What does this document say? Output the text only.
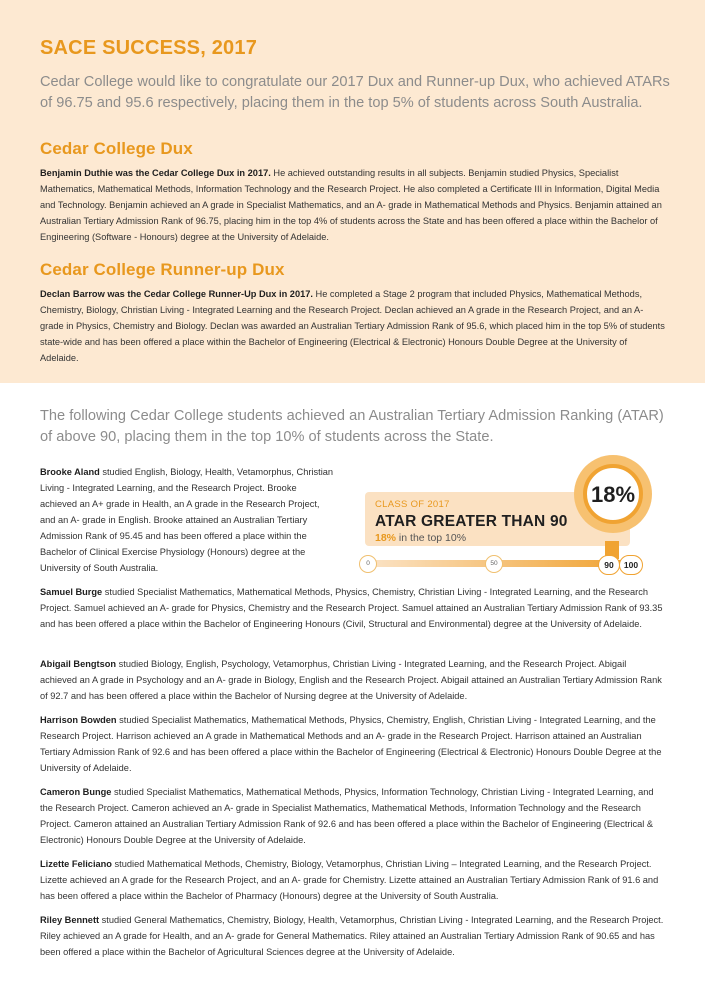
SACE SUCCESS, 2017
Cedar College would like to congratulate our 2017 Dux and Runner-up Dux, who achieved ATARs of 96.75 and 95.6 respectively, placing them in the top 5% of students across South Australia.
Cedar College Dux
Benjamin Duthie was the Cedar College Dux in 2017. He achieved outstanding results in all subjects. Benjamin studied Physics, Specialist Mathematics, Mathematical Methods, Information Technology and the Research Project. He also completed a Certificate III in Information, Digital Media and Technology. Benjamin achieved an A grade in Specialist Mathematics, and an A- grade in Mathematical Methods and Physics. Benjamin attained an Australian Tertiary Admission Rank of 96.75, placing him in the top 4% of students across the State and has been offered a place within the Bachelor of Engineering (Software - Honours) degree at the University of Adelaide.
Cedar College Runner-up Dux
Declan Barrow was the Cedar College Runner-Up Dux in 2017. He completed a Stage 2 program that included Physics, Mathematical Methods, Chemistry, Biology, Christian Living - Integrated Learning and the Research Project. Declan achieved an A grade in the Research Project, and an A- grade in Physics, Chemistry and Biology. Declan was awarded an Australian Tertiary Admission Rank of 95.6, which placed him in the top 5% of students state-wide and has been offered a place within the Bachelor of Engineering (Electrical & Electronic) Honours Double Degree at the University of Adelaide.
The following Cedar College students achieved an Australian Tertiary Admission Ranking (ATAR) of above 90, placing them in the top 10% of students across the State.
CLASS OF 2017
ATAR GREATER THAN 90
18% in the top 10%
0	50
18%
90	100
Brooke Aland studied English, Biology, Health, Vetamorphus, Christian Living - Integrated Learning, and the Research Project. Brooke achieved an A+ grade in Health, an A grade in the Research Project, and an A- grade in English. Brooke attained an Australian Tertiary Admission Rank of 95.45 and has been offered a place within the Bachelor of Clinical Exercise Physiology (Honours) degree at the University of South Australia.
Samuel Burge studied Specialist Mathematics, Mathematical Methods, Physics, Chemistry, Christian Living - Integrated Learning, and the Research Project. Samuel achieved an A- grade for Physics, Chemistry and the Research Project. Samuel attained an Australian Tertiary Admission Rank of 93.35 and has been offered a place within the Bachelor of Engineering Honours (Civil, Structural and Environmental) degree at the University of Adelaide.
Abigail Bengtson studied Biology, English, Psychology, Vetamorphus, Christian Living - Integrated Learning, and the Research Project. Abigail achieved an A grade in Psychology and an A- grade in Biology, English and the Research Project. Abigail attained an Australian Tertiary Admission Rank of 92.7 and has been offered a place within the Bachelor of Nursing degree at the University of Adelaide.
Harrison Bowden studied Specialist Mathematics, Mathematical Methods, Physics, Chemistry, English, Christian Living - Integrated Learning, and the Research Project. Harrison achieved an A grade in Mathematical Methods and an A- grade in the Research Project. Harrison attained an Australian Tertiary Admission Rank of 92.6 and has been offered a place within the Bachelor of Engineering (Electrical & Electronic) Honours Double Degree at the University of Adelaide.
Cameron Bunge studied Specialist Mathematics, Mathematical Methods, Physics, Information Technology, Christian Living - Integrated Learning, and the Research Project. Cameron achieved an A- grade in Specialist Mathematics, Mathematical Methods, Information Technology and the Research Project. Cameron attained an Australian Tertiary Admission Rank of 92.6 and has been offered a place within the Bachelor of Engineering (Electrical & Electronic) Honours Double Degree at the University of Adelaide.
Lizette Feliciano studied Mathematical Methods, Chemistry, Biology, Vetamorphus, Christian Living – Integrated Learning, and the Research Project. Lizette achieved an A grade for the Research Project, and an A- grade for Chemistry. Lizette attained an Australian Tertiary Admission Rank of 91.6 and has been offered a place within the Bachelor of Pharmacy (Honours) degree at the University of South Australia.
Riley Bennett studied General Mathematics, Chemistry, Biology, Health, Vetamorphus, Christian Living - Integrated Learning, and the Research Project. Riley achieved an A grade for Health, and an A- grade for General Mathematics. Riley attained an Australian Tertiary Admission Rank of 90.65 and has been offered a place within the Bachelor of Agricultural Sciences degree at the University of Adelaide.
